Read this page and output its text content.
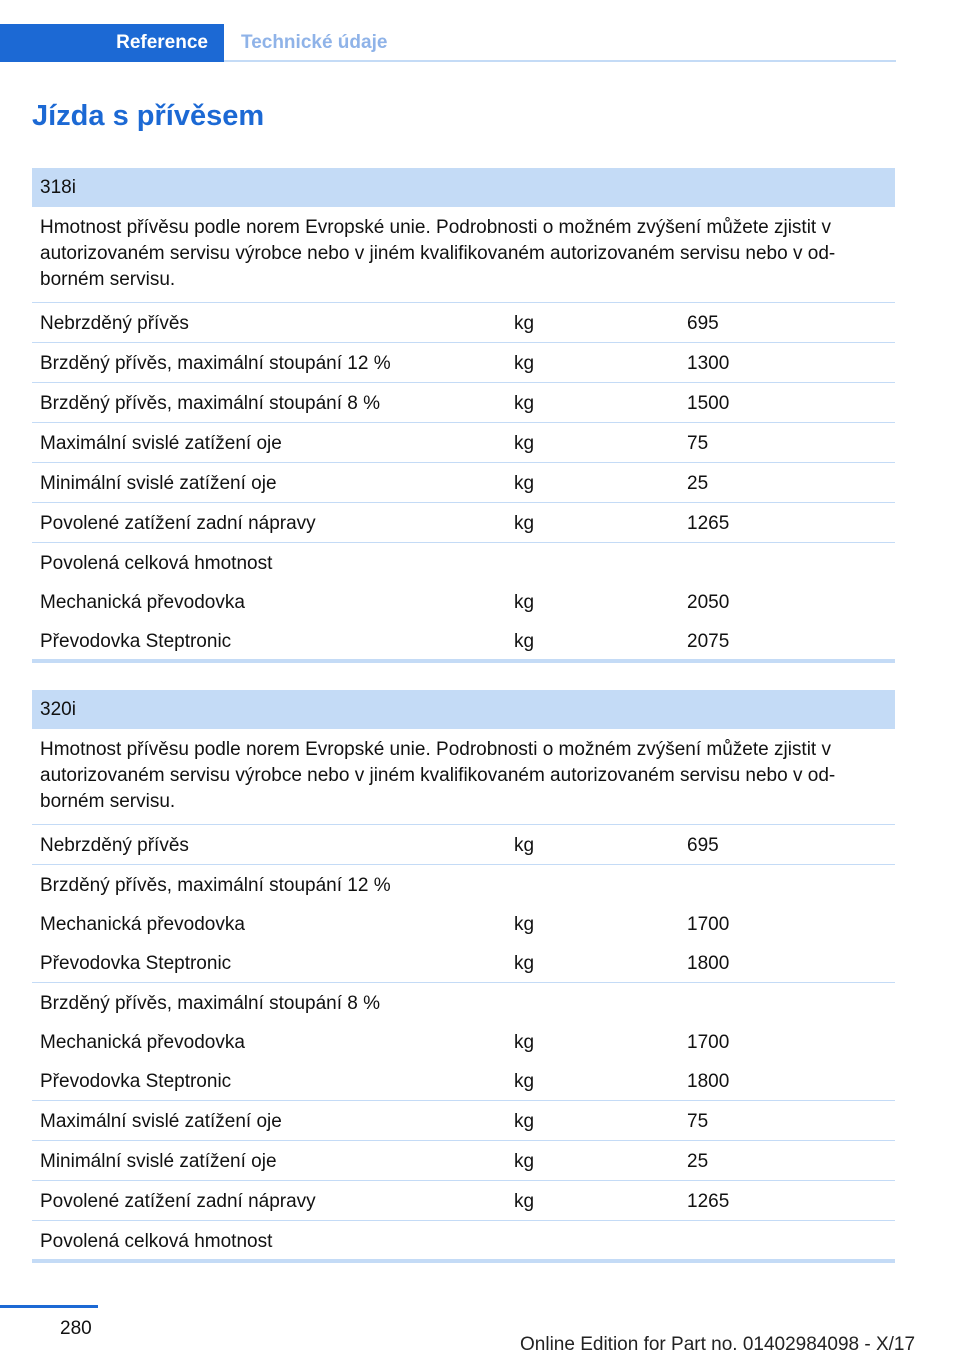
Reference Technické údaje
Jízda s přívěsem
318i
Hmotnost přívěsu podle norem Evropské unie. Podrobnosti o možném zvýšení můžete zjistit v autorizovaném servisu výrobce nebo v jiném kvalifikovaném autorizovaném servisu nebo v odborném servisu.
Nebrzděný přívěs	kg	695
Brzděný přívěs, maximální stoupání 12 %	kg	1300
Brzděný přívěs, maximální stoupání 8 %	kg	1500
Maximální svislé zatížení oje	kg	75
Minimální svislé zatížení oje	kg	25
Povolené zatížení zadní nápravy	kg	1265
Povolená celková hmotnost
Mechanická převodovka	kg	2050
Převodovka Steptronic	kg	2075
320i
Hmotnost přívěsu podle norem Evropské unie. Podrobnosti o možném zvýšení můžete zjistit v autorizovaném servisu výrobce nebo v jiném kvalifikovaném autorizovaném servisu nebo v odborném servisu.
Nebrzděný přívěs	kg	695
Brzděný přívěs, maximální stoupání 12 %
Mechanická převodovka	kg	1700
Převodovka Steptronic	kg	1800
Brzděný přívěs, maximální stoupání 8 %
Mechanická převodovka	kg	1700
Převodovka Steptronic	kg	1800
Maximální svislé zatížení oje	kg	75
Minimální svislé zatížení oje	kg	25
Povolené zatížení zadní nápravy	kg	1265
Povolená celková hmotnost
280
Online Edition for Part no. 01402984098 - X/17
